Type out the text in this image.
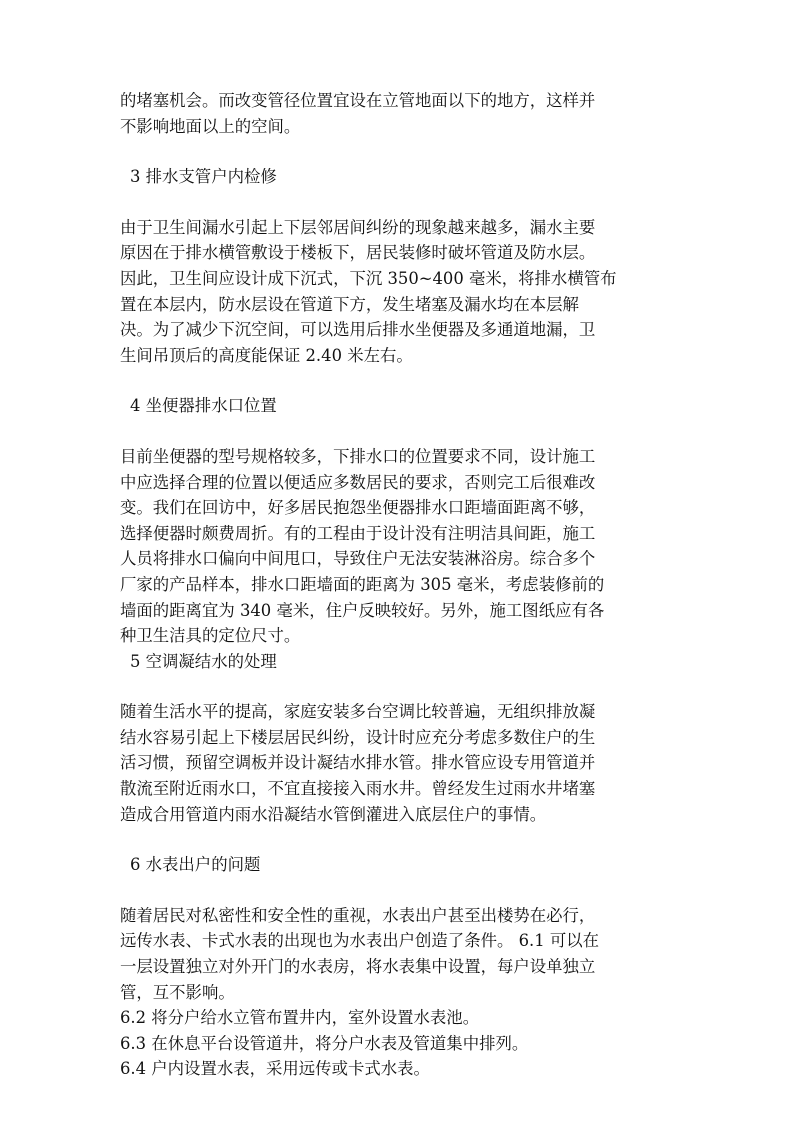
的堵塞机会。而改变管径位置宜设在立管地面以下的地方，这样并
不影响地面以上的空间。
3 排水支管户内检修
由于卫生间漏水引起上下层邻居间纠纷的现象越来越多，漏水主要
原因在于排水横管敷设于楼板下，居民装修时破坏管道及防水层。
因此，卫生间应设计成下沉式，下沉 350~400 毫米，将排水横管布
置在本层内，防水层设在管道下方，发生堵塞及漏水均在本层解
决。为了减少下沉空间，可以选用后排水坐便器及多通道地漏，卫
生间吊顶后的高度能保证 2.40 米左右。
4 坐便器排水口位置
目前坐便器的型号规格较多，下排水口的位置要求不同，设计施工
中应选择合理的位置以便适应多数居民的要求，否则完工后很难改
变。我们在回访中，好多居民抱怨坐便器排水口距墙面距离不够，
选择便器时颇费周折。有的工程由于设计没有注明洁具间距，施工
人员将排水口偏向中间甩口，导致住户无法安装淋浴房。综合多个
厂家的产品样本，排水口距墙面的距离为 305 毫米，考虑装修前的
墙面的距离宜为 340 毫米，住户反映较好。另外，施工图纸应有各
种卫生洁具的定位尺寸。
5 空调凝结水的处理
随着生活水平的提高，家庭安装多台空调比较普遍，无组织排放凝
结水容易引起上下楼层居民纠纷，设计时应充分考虑多数住户的生
活习惯，预留空调板并设计凝结水排水管。排水管应设专用管道并
散流至附近雨水口，不宜直接接入雨水井。曾经发生过雨水井堵塞
造成合用管道内雨水沿凝结水管倒灌进入底层住户的事情。
6 水表出户的问题
随着居民对私密性和安全性的重视，水表出户甚至出楼势在必行，
远传水表、卡式水表的出现也为水表出户创造了条件。 6.1 可以在
一层设置独立对外开门的水表房，将水表集中设置，每户设单独立
管，互不影响。
6.2 将分户给水立管布置井内，室外设置水表池。
6.3 在休息平台设管道井，将分户水表及管道集中排列。
6.4 户内设置水表，采用远传或卡式水表。
